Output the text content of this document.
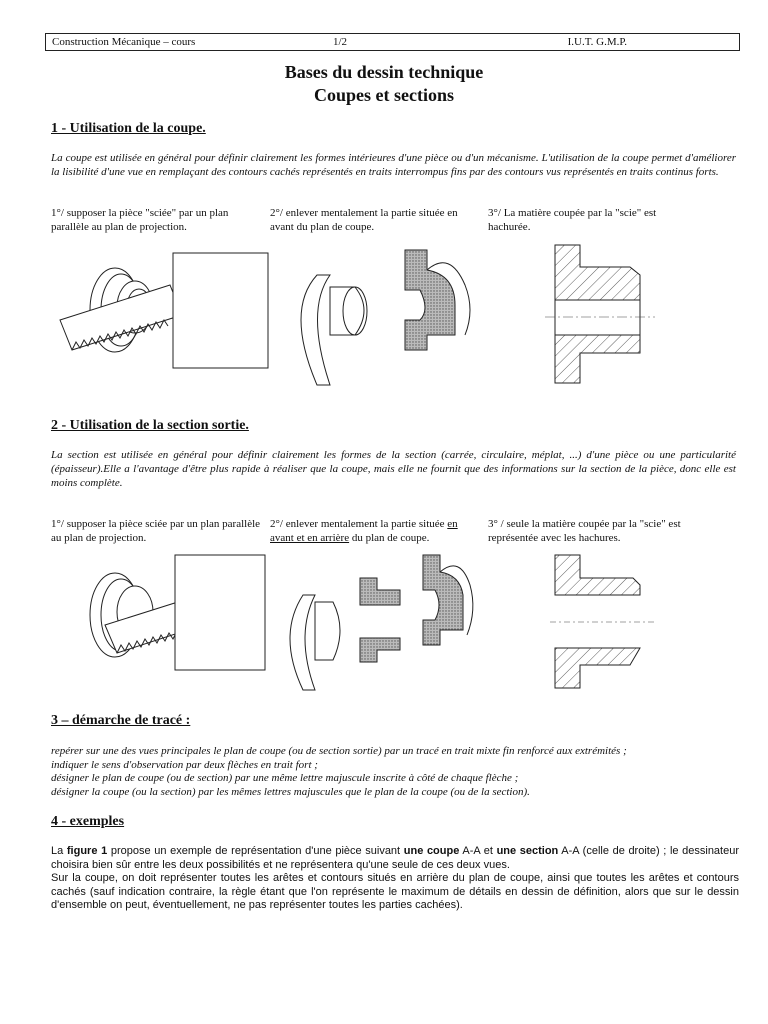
Construction Mécanique – cours	1/2	I.U.T. G.M.P.
Bases du dessin technique
Coupes et sections
1 - Utilisation de la coupe.
La coupe est utilisée en général pour définir clairement les formes intérieures d'une pièce ou d'un mécanisme. L'utilisation de la coupe permet d'améliorer la lisibilité d'une vue en remplaçant des contours cachés représentés en traits interrompus fins par des contours vus représentés en traits continus forts.
1°/ supposer la pièce "sciée" par un plan parallèle au plan de projection.
2°/ enlever mentalement la partie située en avant du plan de coupe.
3°/ La matière coupée par la "scie" est hachurée.
2 - Utilisation de la section sortie.
La section est utilisée en général pour définir clairement les formes de la section (carrée, circulaire, méplat, ...) d'une pièce ou une particularité (épaisseur).Elle a l'avantage d'être plus rapide à réaliser que la coupe, mais elle ne fournit que des informations sur la section de la pièce, donc elle est moins complète.
1°/ supposer la pièce sciée par un plan parallèle au plan de projection.
2°/ enlever mentalement la partie située en avant et en arrière du plan de coupe.
3° / seule la matière coupée par la "scie" est représentée avec les hachures.
3 – démarche de tracé :
repérer sur une des vues principales le plan de coupe (ou de section sortie) par un tracé en trait mixte fin renforcé aux extrémités ;
indiquer le sens d'observation par deux flèches en trait fort ;
désigner le plan de coupe (ou de section) par une même lettre majuscule inscrite à côté de chaque flèche ;
désigner la coupe (ou la section) par les mêmes lettres majuscules que le plan de la coupe (ou de la section).
4 - exemples
La figure 1 propose un exemple de représentation d'une pièce suivant une coupe A-A et une section A-A (celle de droite) ; le dessinateur choisira bien sûr entre les deux possibilités et ne représentera qu'une seule de ces deux vues.
Sur la coupe, on doit représenter toutes les arêtes et contours situés en arrière du plan de coupe, ainsi que toutes les arêtes et contours cachés (sauf indication contraire, la règle étant que l'on représente le maximum de détails en dessin de définition, alors que sur le dessin d'ensemble on peut, éventuellement, ne pas représenter toutes les parties cachées).
